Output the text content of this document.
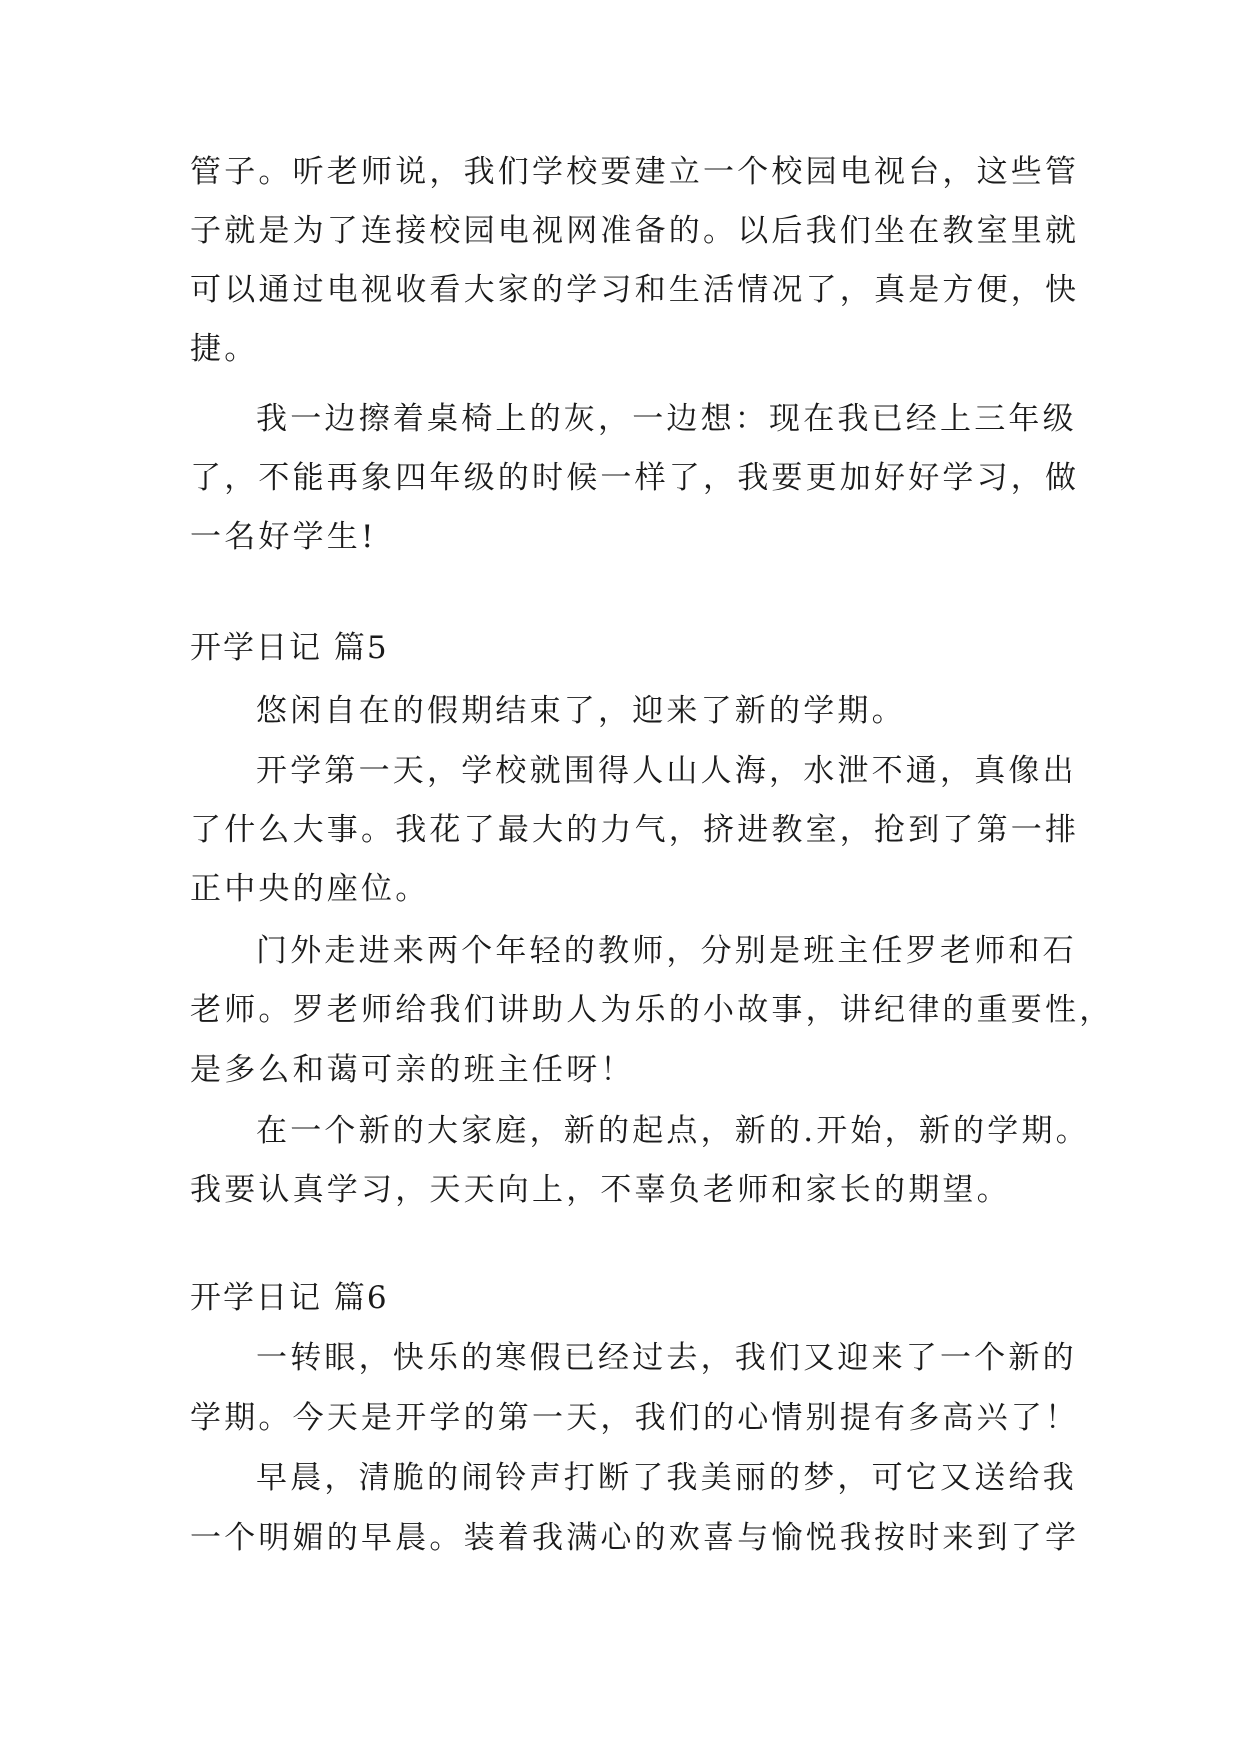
管子。听老师说，我们学校要建立一个校园电视台，这些管
子就是为了连接校园电视网准备的。以后我们坐在教室里就
可以通过电视收看大家的学习和生活情况了，真是方便，快
捷。
我一边擦着桌椅上的灰，一边想：现在我已经上三年级
了，不能再象四年级的时候一样了，我要更加好好学习，做
一名好学生!
开学日记 篇5
悠闲自在的假期结束了，迎来了新的学期。
开学第一天，学校就围得人山人海，水泄不通，真像出
了什么大事。我花了最大的力气，挤进教室，抢到了第一排
正中央的座位。
门外走进来两个年轻的教师，分别是班主任罗老师和石
老师。罗老师给我们讲助人为乐的小故事，讲纪律的重要性，
是多么和蔼可亲的班主任呀！
在一个新的大家庭，新的起点，新的.开始，新的学期。
我要认真学习，天天向上，不辜负老师和家长的期望。
开学日记 篇6
一转眼，快乐的寒假已经过去，我们又迎来了一个新的
学期。今天是开学的第一天，我们的心情别提有多高兴了！
早晨，清脆的闹铃声打断了我美丽的梦，可它又送给我
一个明媚的早晨。装着我满心的欢喜与愉悦我按时来到了学
